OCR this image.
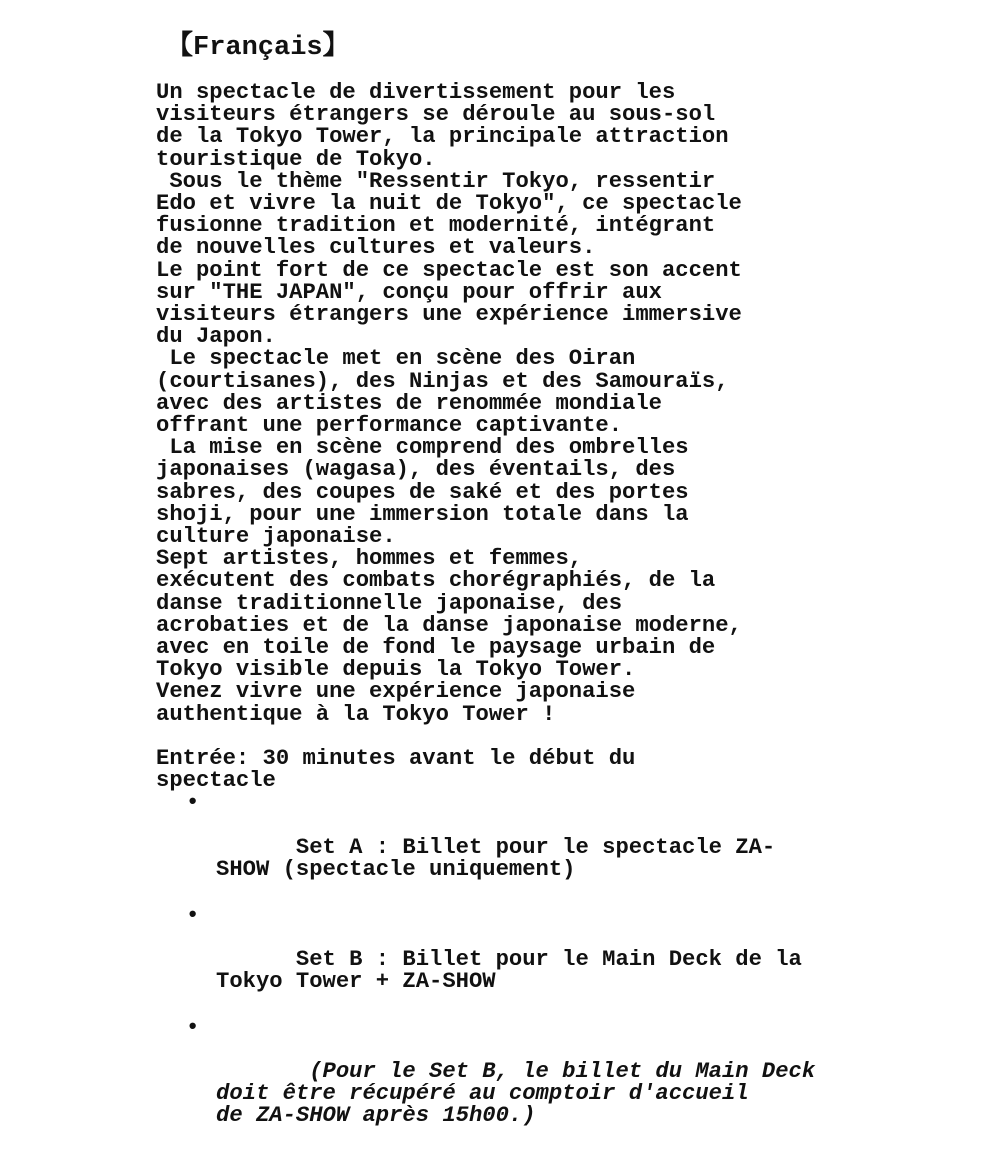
【Français】

Un spectacle de divertissement pour les
visiteurs étrangers se déroule au sous-sol
de la Tokyo Tower, la principale attraction
touristique de Tokyo.

Sous le thème "Ressentir Tokyo, ressentir
Edo et vivre la nuit de Tokyo", ce spectacle
fusionne tradition et modernité, intégrant
de nouvelles cultures et valeurs.

Le point fort de ce spectacle est son accent
sur "THE JAPAN", conçu pour offrir aux
visiteurs étrangers une expérience immersive
du Japon.

Le spectacle met en scène des Oiran
(courtisanes), des Ninjas et des Samouraïs,
avec des artistes de renommée mondiale
offrant une performance captivante.

La mise en scène comprend des ombrelles
japonaises (wagasa), des éventails, des
sabres, des coupes de saké et des portes
shoji, pour une immersion totale dans la
culture japonaise.

Sept artistes, hommes et femmes,
exécutent des combats chorégraphiés, de la
danse traditionnelle japonaise, des
acrobaties et de la danse japonaise moderne,
avec en toile de fond le paysage urbain de
Tokyo visible depuis la Tokyo Tower.

Venez vivre une expérience japonaise
authentique à la Tokyo Tower !

Entrée: 30 minutes avant le début du
spectacle

•

Set A : Billet pour le spectacle ZA-
SHOW (spectacle uniquement)

•

Set B : Billet pour le Main Deck de la
Tokyo Tower + ZA-SHOW

•

(Pour le Set B, le billet du Main Deck
doit être récupéré au comptoir d'accueil
de ZA-SHOW après 15h00.)
